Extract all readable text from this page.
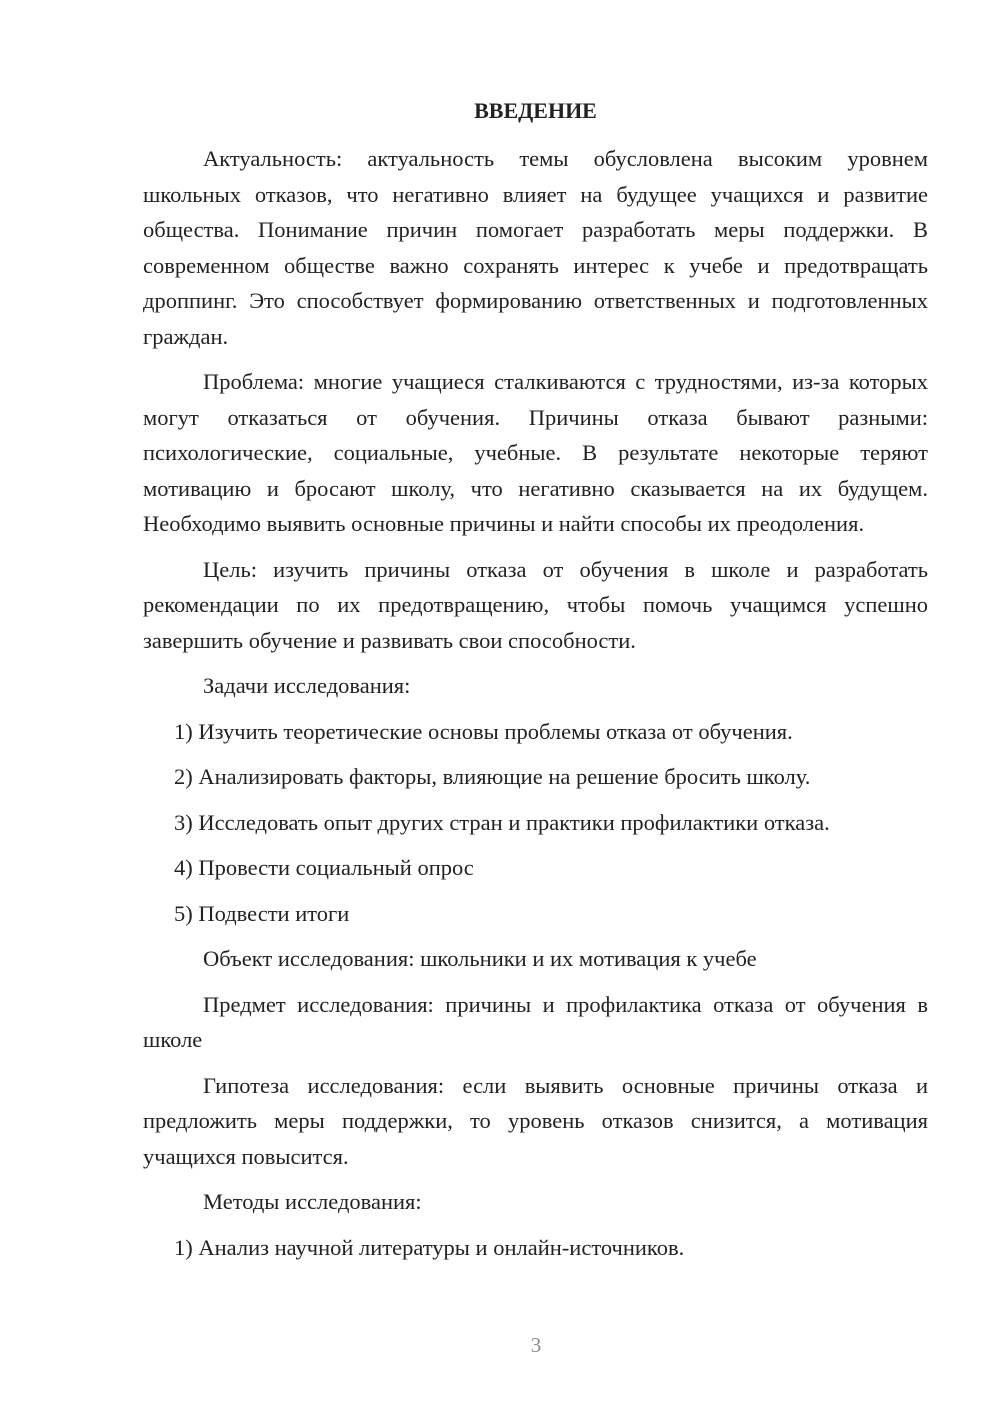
ВВЕДЕНИЕ

Актуальность: актуальность темы обусловлена высоким уровнем школьных отказов, что негативно влияет на будущее учащихся и развитие общества. Понимание причин помогает разработать меры поддержки. В современном обществе важно сохранять интерес к учебе и предотвращать дроппинг. Это способствует формированию ответственных и подготовленных граждан.

Проблема: многие учащиеся сталкиваются с трудностями, из-за которых могут отказаться от обучения. Причины отказа бывают разными: психологические, социальные, учебные. В результате некоторые теряют мотивацию и бросают школу, что негативно сказывается на их будущем. Необходимо выявить основные причины и найти способы их преодоления.

Цель: изучить причины отказа от обучения в школе и разработать рекомендации по их предотвращению, чтобы помочь учащимся успешно завершить обучение и развивать свои способности.

Задачи исследования:

1) Изучить теоретические основы проблемы отказа от обучения.

2) Анализировать факторы, влияющие на решение бросить школу.

3) Исследовать опыт других стран и практики профилактики отказа.

4) Провести социальный опрос

5) Подвести итоги

Объект исследования: школьники и их мотивация к учебе

Предмет исследования: причины и профилактика отказа от обучения в школе

Гипотеза исследования: если выявить основные причины отказа и предложить меры поддержки, то уровень отказов снизится, а мотивация учащихся повысится.

Методы исследования:

1) Анализ научной литературы и онлайн-источников.

3
